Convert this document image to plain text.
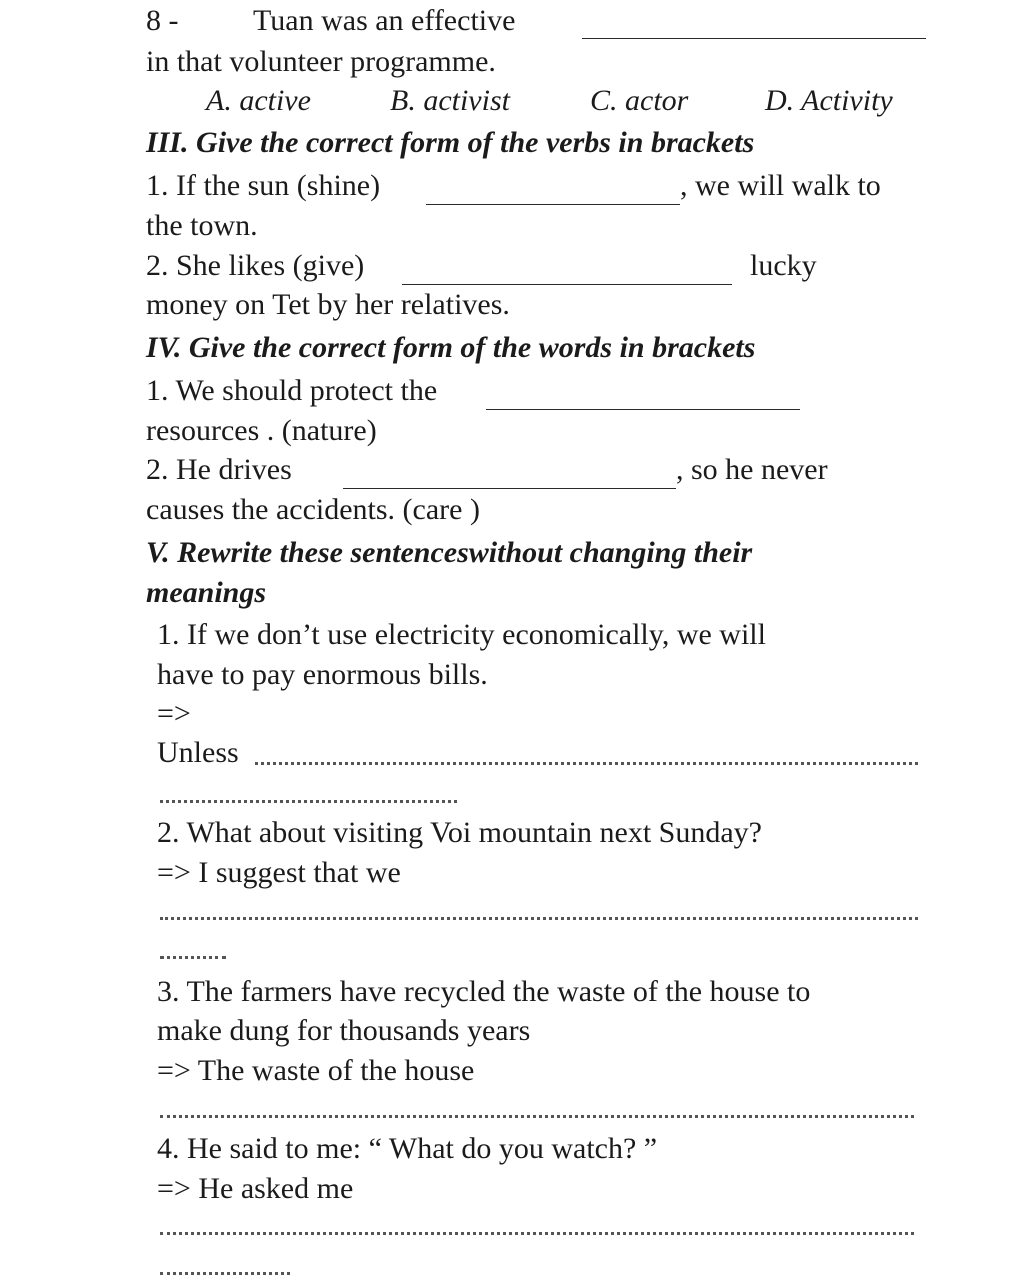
8 - Tuan was an effective
in that volunteer programme.
A. active	B. activist	C. actor	D. Activity
III. Give the correct form of the verbs in brackets
1. If the sun (shine)	, we will walk to
the town.
2. She likes (give)	lucky
money on Tet by her relatives.
IV. Give the correct form of the words in brackets
1. We should protect the
resources . (nature)
2. He drives	, so he never
causes the accidents. (care )
V. Rewrite these sentenceswithout changing their
meanings
1. If we don’t use electricity economically, we will
have to pay enormous bills.
=>
Unless
2. What about visiting Voi mountain next Sunday?
=> I suggest that we
3. The farmers have recycled the waste of the house to
make dung for thousands years
=> The waste of the house
4. He said to me: “ What do you watch? ”
=> He asked me
